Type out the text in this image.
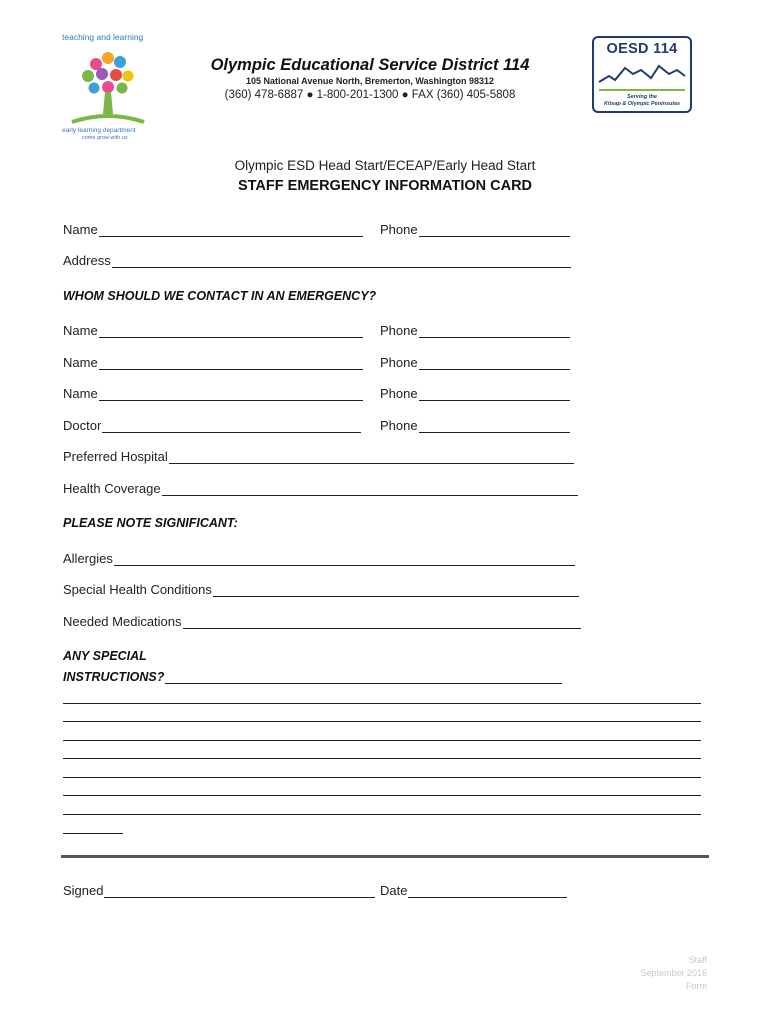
teaching and learning
early learning department
come grow with us
Olympic Educational Service District 114
105 National Avenue North, Bremerton, Washington 98312
(360) 478-6887 ● 1-800-201-1300 ● FAX (360) 405-5808
OESD 114
Serving the
Kitsap & Olympic Peninsulas
Olympic ESD Head Start/ECEAP/Early Head Start
STAFF EMERGENCY INFORMATION CARD
Name	Phone
Address
WHOM SHOULD WE CONTACT IN AN EMERGENCY?
Name	Phone
Name	Phone
Name	Phone
Doctor	Phone
Preferred Hospital
Health Coverage
PLEASE NOTE SIGNIFICANT:
Allergies
Special Health Conditions
Needed Medications
ANY SPECIAL
INSTRUCTIONS?
Signed	Date
Staff
September 2016
Form
